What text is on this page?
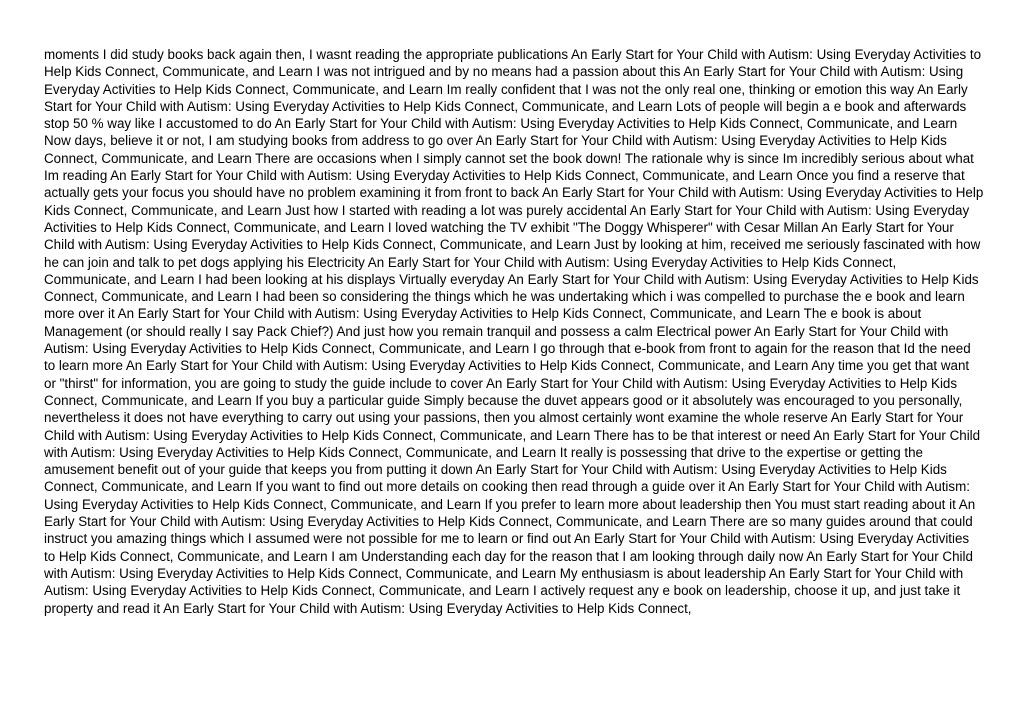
moments I did study books back again then, I wasnt reading the appropriate publications An Early Start for Your Child with Autism: Using Everyday Activities to Help Kids Connect, Communicate, and Learn I was not intrigued and by no means had a passion about this An Early Start for Your Child with Autism: Using Everyday Activities to Help Kids Connect, Communicate, and Learn Im really confident that I was not the only real one, thinking or emotion this way An Early Start for Your Child with Autism: Using Everyday Activities to Help Kids Connect, Communicate, and Learn Lots of people will begin a e book and afterwards stop 50 % way like I accustomed to do An Early Start for Your Child with Autism: Using Everyday Activities to Help Kids Connect, Communicate, and Learn Now days, believe it or not, I am studying books from address to go over An Early Start for Your Child with Autism: Using Everyday Activities to Help Kids Connect, Communicate, and Learn There are occasions when I simply cannot set the book down! The rationale why is since Im incredibly serious about what Im reading An Early Start for Your Child with Autism: Using Everyday Activities to Help Kids Connect, Communicate, and Learn Once you find a reserve that actually gets your focus you should have no problem examining it from front to back An Early Start for Your Child with Autism: Using Everyday Activities to Help Kids Connect, Communicate, and Learn Just how I started with reading a lot was purely accidental An Early Start for Your Child with Autism: Using Everyday Activities to Help Kids Connect, Communicate, and Learn I loved watching the TV exhibit "The Doggy Whisperer" with Cesar Millan An Early Start for Your Child with Autism: Using Everyday Activities to Help Kids Connect, Communicate, and Learn Just by looking at him, received me seriously fascinated with how he can join and talk to pet dogs applying his Electricity An Early Start for Your Child with Autism: Using Everyday Activities to Help Kids Connect, Communicate, and Learn I had been looking at his displays Virtually everyday An Early Start for Your Child with Autism: Using Everyday Activities to Help Kids Connect, Communicate, and Learn I had been so considering the things which he was undertaking which i was compelled to purchase the e book and learn more over it An Early Start for Your Child with Autism: Using Everyday Activities to Help Kids Connect, Communicate, and Learn The e book is about Management (or should really I say Pack Chief?) And just how you remain tranquil and possess a calm Electrical power An Early Start for Your Child with Autism: Using Everyday Activities to Help Kids Connect, Communicate, and Learn I go through that e-book from front to again for the reason that Id the need to learn more An Early Start for Your Child with Autism: Using Everyday Activities to Help Kids Connect, Communicate, and Learn Any time you get that want or "thirst" for information, you are going to study the guide include to cover An Early Start for Your Child with Autism: Using Everyday Activities to Help Kids Connect, Communicate, and Learn If you buy a particular guide Simply because the duvet appears good or it absolutely was encouraged to you personally, nevertheless it does not have everything to carry out using your passions, then you almost certainly wont examine the whole reserve An Early Start for Your Child with Autism: Using Everyday Activities to Help Kids Connect, Communicate, and Learn There has to be that interest or need An Early Start for Your Child with Autism: Using Everyday Activities to Help Kids Connect, Communicate, and Learn It really is possessing that drive to the expertise or getting the amusement benefit out of your guide that keeps you from putting it down An Early Start for Your Child with Autism: Using Everyday Activities to Help Kids Connect, Communicate, and Learn If you want to find out more details on cooking then read through a guide over it An Early Start for Your Child with Autism: Using Everyday Activities to Help Kids Connect, Communicate, and Learn If you prefer to learn more about leadership then You must start reading about it An Early Start for Your Child with Autism: Using Everyday Activities to Help Kids Connect, Communicate, and Learn There are so many guides around that could instruct you amazing things which I assumed were not possible for me to learn or find out An Early Start for Your Child with Autism: Using Everyday Activities to Help Kids Connect, Communicate, and Learn I am Understanding each day for the reason that I am looking through daily now An Early Start for Your Child with Autism: Using Everyday Activities to Help Kids Connect, Communicate, and Learn My enthusiasm is about leadership An Early Start for Your Child with Autism: Using Everyday Activities to Help Kids Connect, Communicate, and Learn I actively request any e book on leadership, choose it up, and just take it property and read it An Early Start for Your Child with Autism: Using Everyday Activities to Help Kids Connect,
